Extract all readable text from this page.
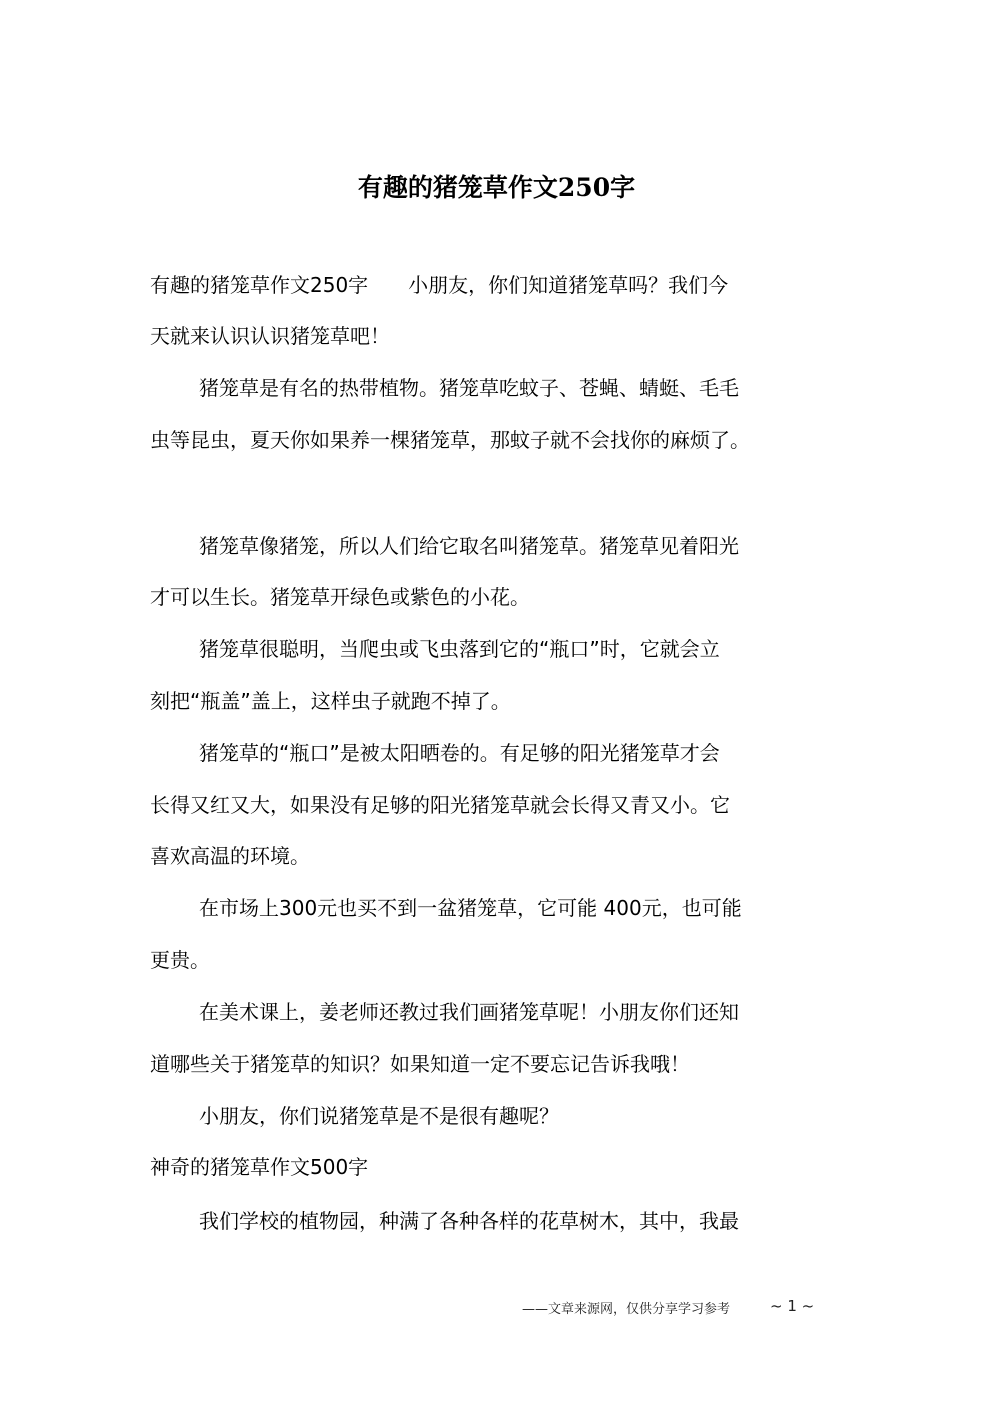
有趣的猪笼草作文250字
有趣的猪笼草作文250字　　小朋友，你们知道猪笼草吗？我们今
天就来认识认识猪笼草吧！
猪笼草是有名的热带植物。猪笼草吃蚊子、苍蝇、蜻蜓、毛毛
虫等昆虫，夏天你如果养一棵猪笼草，那蚊子就不会找你的麻烦了。
猪笼草像猪笼，所以人们给它取名叫猪笼草。猪笼草见着阳光
才可以生长。猪笼草开绿色或紫色的小花。
猪笼草很聪明，当爬虫或飞虫落到它的“瓶口”时，它就会立
刻把“瓶盖”盖上，这样虫子就跑不掉了。
猪笼草的“瓶口”是被太阳晒卷的。有足够的阳光猪笼草才会
长得又红又大，如果没有足够的阳光猪笼草就会长得又青又小。它
喜欢高温的环境。
在市场上300元也买不到一盆猪笼草，它可能 400元，也可能
更贵。
在美术课上，姜老师还教过我们画猪笼草呢！小朋友你们还知
道哪些关于猪笼草的知识？如果知道一定不要忘记告诉我哦！
小朋友，你们说猪笼草是不是很有趣呢？
神奇的猪笼草作文500字
我们学校的植物园，种满了各种各样的花草树木，其中，我最
——文章来源网，仅供分享学习参考	~ 1 ~
